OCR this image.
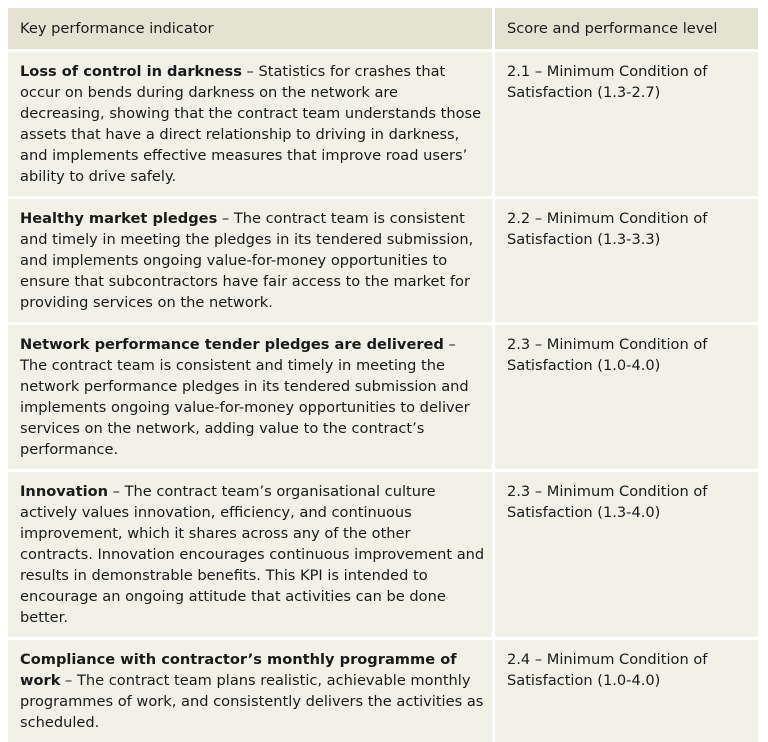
Key performance indicator	Score and performance level
Loss of control in darkness – Statistics for crashes that occur on bends during darkness on the network are decreasing, showing that the contract team understands those assets that have a direct relationship to driving in darkness, and implements effective measures that improve road users’ ability to drive safely.	2.1 – Minimum Condition of Satisfaction (1.3-2.7)
Healthy market pledges – The contract team is consistent and timely in meeting the pledges in its tendered submission, and implements ongoing value-for-money opportunities to ensure that subcontractors have fair access to the market for providing services on the network.	2.2 – Minimum Condition of Satisfaction (1.3-3.3)
Network performance tender pledges are delivered – The contract team is consistent and timely in meeting the network performance pledges in its tendered submission and implements ongoing value-for-money opportunities to deliver services on the network, adding value to the contract’s performance.	2.3 – Minimum Condition of Satisfaction (1.0-4.0)
Innovation – The contract team’s organisational culture actively values innovation, efficiency, and continuous improvement, which it shares across any of the other contracts. Innovation encourages continuous improvement and results in demonstrable benefits. This KPI is intended to encourage an ongoing attitude that activities can be done better.	2.3 – Minimum Condition of Satisfaction (1.3-4.0)
Compliance with contractor’s monthly programme of work – The contract team plans realistic, achievable monthly programmes of work, and consistently delivers the activities as scheduled.	2.4 – Minimum Condition of Satisfaction (1.0-4.0)
